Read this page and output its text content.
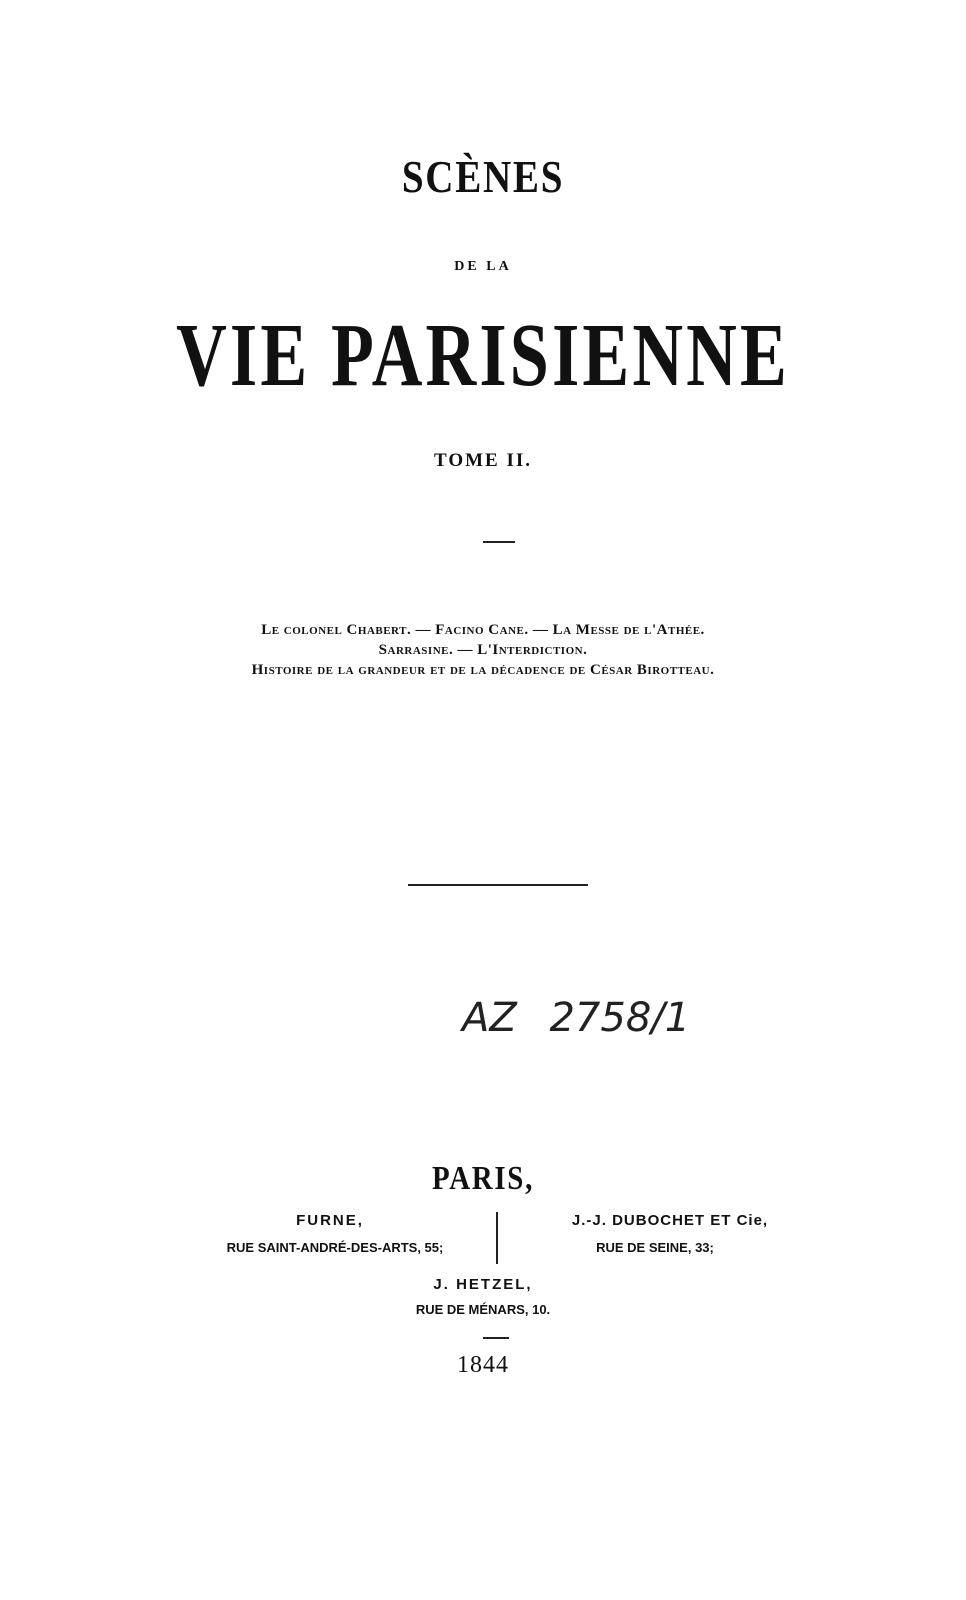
SCÈNES
DE LA
VIE PARISIENNE
TOME II.
Le colonel Chabert. — Facino Cane. — La Messe de l'Athée.
Sarrasine. — L'Interdiction.
Histoire de la grandeur et de la décadence de César Birotteau.
AZ 2758/1
PARIS,
FURNE,
RUE SAINT-ANDRÉ-DES-ARTS, 55;
J.-J. DUBOCHET ET Cie,
RUE DE SEINE, 33;
J. HETZEL,
RUE DE MÉNARS, 10.
1844
